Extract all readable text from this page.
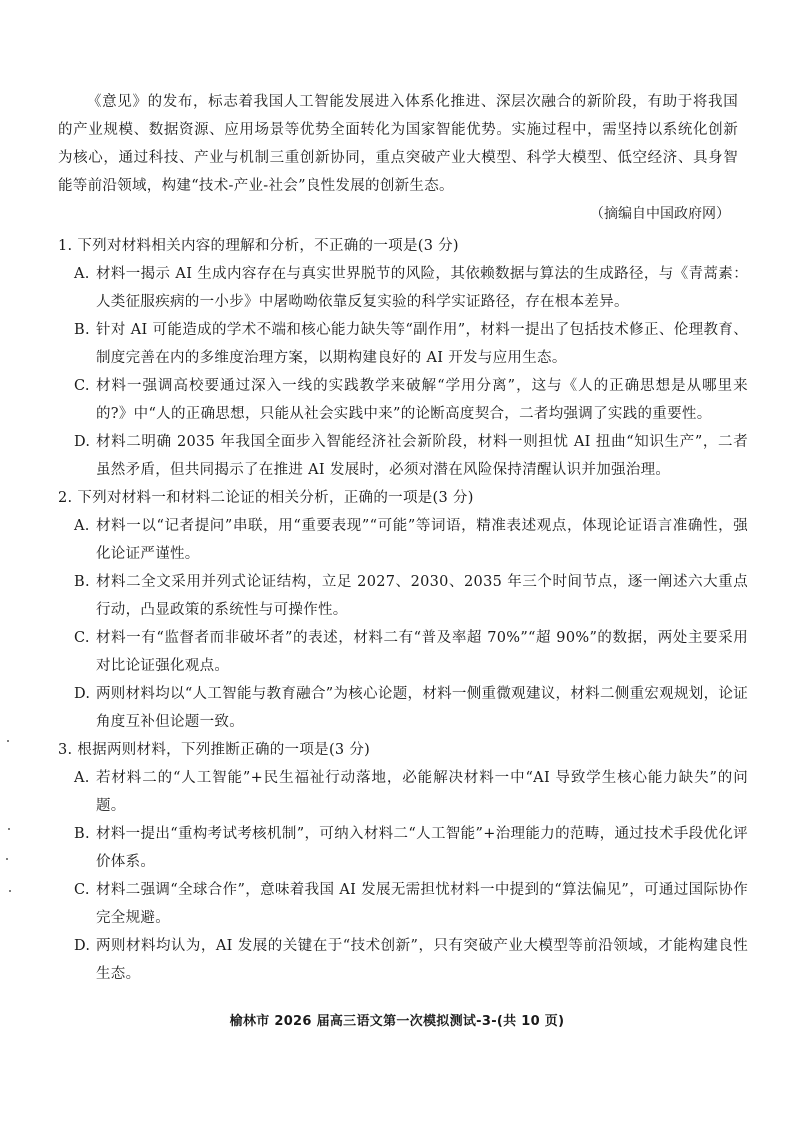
《意见》的发布，标志着我国人工智能发展进入体系化推进、深层次融合的新阶段，有助于将我国的产业规模、数据资源、应用场景等优势全面转化为国家智能优势。实施过程中，需坚持以系统化创新为核心，通过科技、产业与机制三重创新协同，重点突破产业大模型、科学大模型、低空经济、具身智能等前沿领域，构建“技术-产业-社会”良性发展的创新生态。

（摘编自中国政府网）

1. 下列对材料相关内容的理解和分析，不正确的一项是(3 分)

A. 材料一揭示 AI 生成内容存在与真实世界脱节的风险，其依赖数据与算法的生成路径，与《青蒿素：人类征服疾病的一小步》中屠呦呦依靠反复实验的科学实证路径，存在根本差异。
B. 针对 AI 可能造成的学术不端和核心能力缺失等“副作用”，材料一提出了包括技术修正、伦理教育、制度完善在内的多维度治理方案，以期构建良好的 AI 开发与应用生态。
C. 材料一强调高校要通过深入一线的实践教学来破解“学用分离”，这与《人的正确思想是从哪里来的?》中“人的正确思想，只能从社会实践中来”的论断高度契合，二者均强调了实践的重要性。
D. 材料二明确 2035 年我国全面步入智能经济社会新阶段，材料一则担忧 AI 扭曲“知识生产”，二者虽然矛盾，但共同揭示了在推进 AI 发展时，必须对潜在风险保持清醒认识并加强治理。

2. 下列对材料一和材料二论证的相关分析，正确的一项是(3 分)

A. 材料一以“记者提问”串联，用“重要表现”“可能”等词语，精准表述观点，体现论证语言准确性，强化论证严谨性。
B. 材料二全文采用并列式论证结构，立足 2027、2030、2035 年三个时间节点，逐一阐述六大重点行动，凸显政策的系统性与可操作性。
C. 材料一有“监督者而非破坏者”的表述，材料二有“普及率超 70%”“超 90%”的数据，两处主要采用对比论证强化观点。
D. 两则材料均以“人工智能与教育融合”为核心论题，材料一侧重微观建议，材料二侧重宏观规划，论证角度互补但论题一致。

3. 根据两则材料，下列推断正确的一项是(3 分)

A. 若材料二的“人工智能”+民生福祉行动落地，必能解决材料一中“AI 导致学生核心能力缺失”的问题。
B. 材料一提出“重构考试考核机制”，可纳入材料二“人工智能”+治理能力的范畴，通过技术手段优化评价体系。
C. 材料二强调“全球合作”，意味着我国 AI 发展无需担忧材料一中提到的“算法偏见”，可通过国际协作完全规避。
D. 两则材料均认为，AI 发展的关键在于“技术创新”，只有突破产业大模型等前沿领域，才能构建良性生态。
榆林市 2026 届高三语文第一次模拟测试-3-(共 10 页)
